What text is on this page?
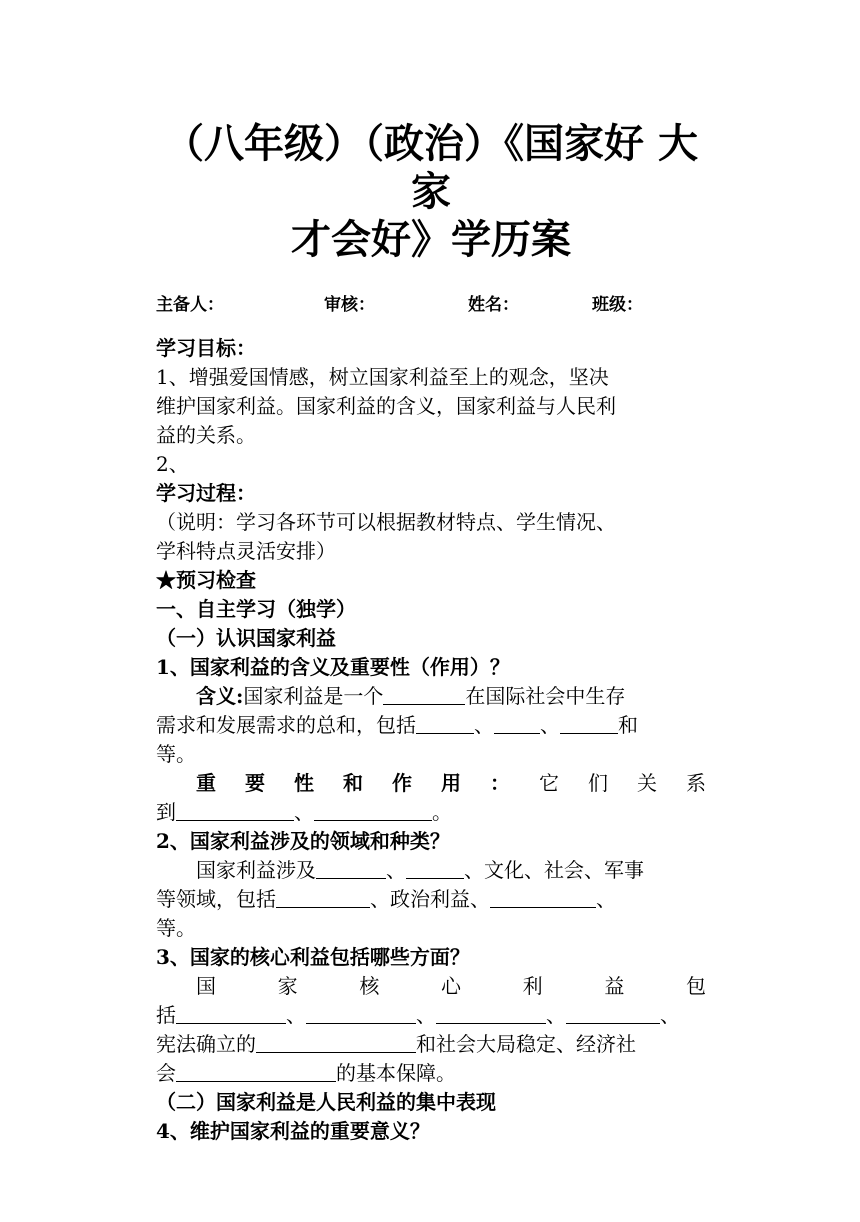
（八年级）（政治）《国家好 大家

才会好》学历案

主备人：	审核：	姓名：	班级：

学习目标：

1、增强爱国情感，树立国家利益至上的观念，坚决

维护国家利益。国家利益的含义，国家利益与人民利

益的关系。

2、

学习过程：

（说明：学习各环节可以根据教材特点、学生情况、

学科特点灵活安排）

★预习检查

一、自主学习（独学）

（一）认识国家利益

1、国家利益的含义及重要性（作用）？

含义:国家利益是一个	在国际社会中生存

需求和发展需求的总和，包括	、 、	和

等。

重要性和作用：它们关系

到	、	。

2、国家利益涉及的领域和种类？

国家利益涉及	、	、文化、社会、军事

等领域，包括	、政治利益、	、

等。

3、国家的核心利益包括哪些方面？

国家核心利益包

括	、	、	、	、

宪法确立的	和社会大局稳定、经济社

会	的基本保障。

（二）国家利益是人民利益的集中表现

4、维护国家利益的重要意义？
